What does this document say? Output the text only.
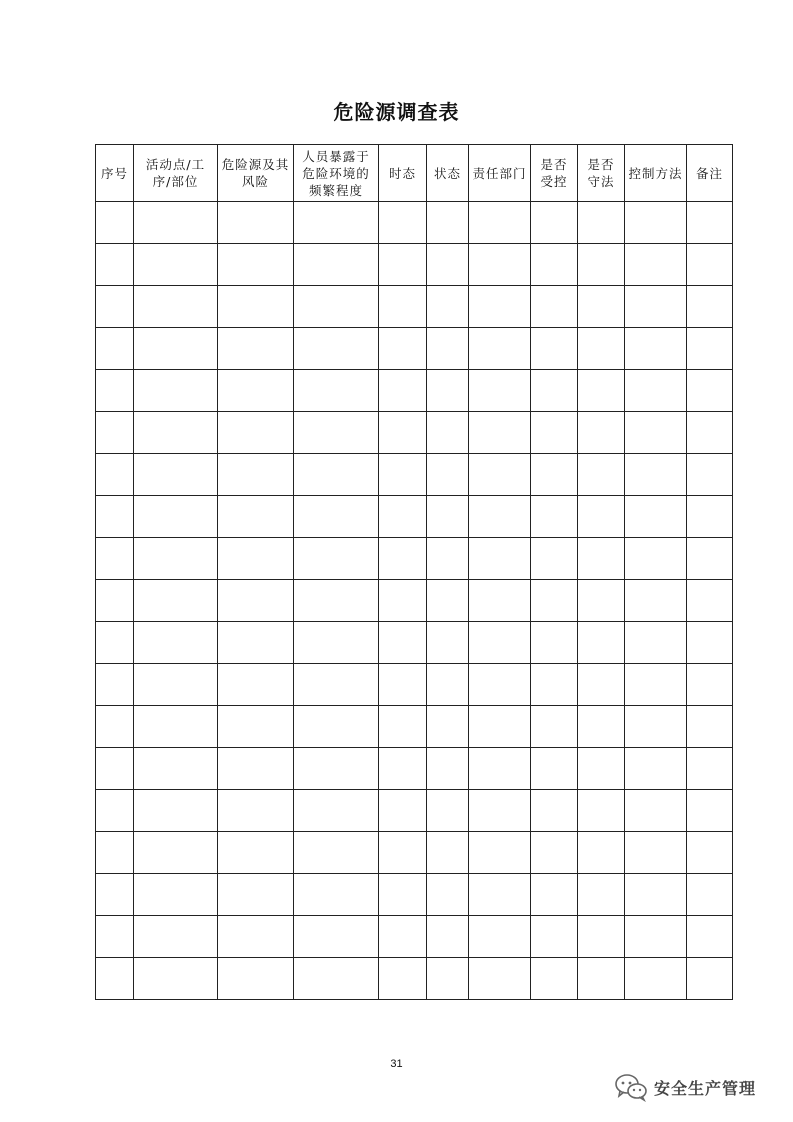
危险源调查表
序号	活动点/工序/部位	危险源及其风险	人员暴露于危险环境的频繁程度	时态	状态	责任部门	是否受控	是否守法	控制方法	备注

31
安全生产管理
